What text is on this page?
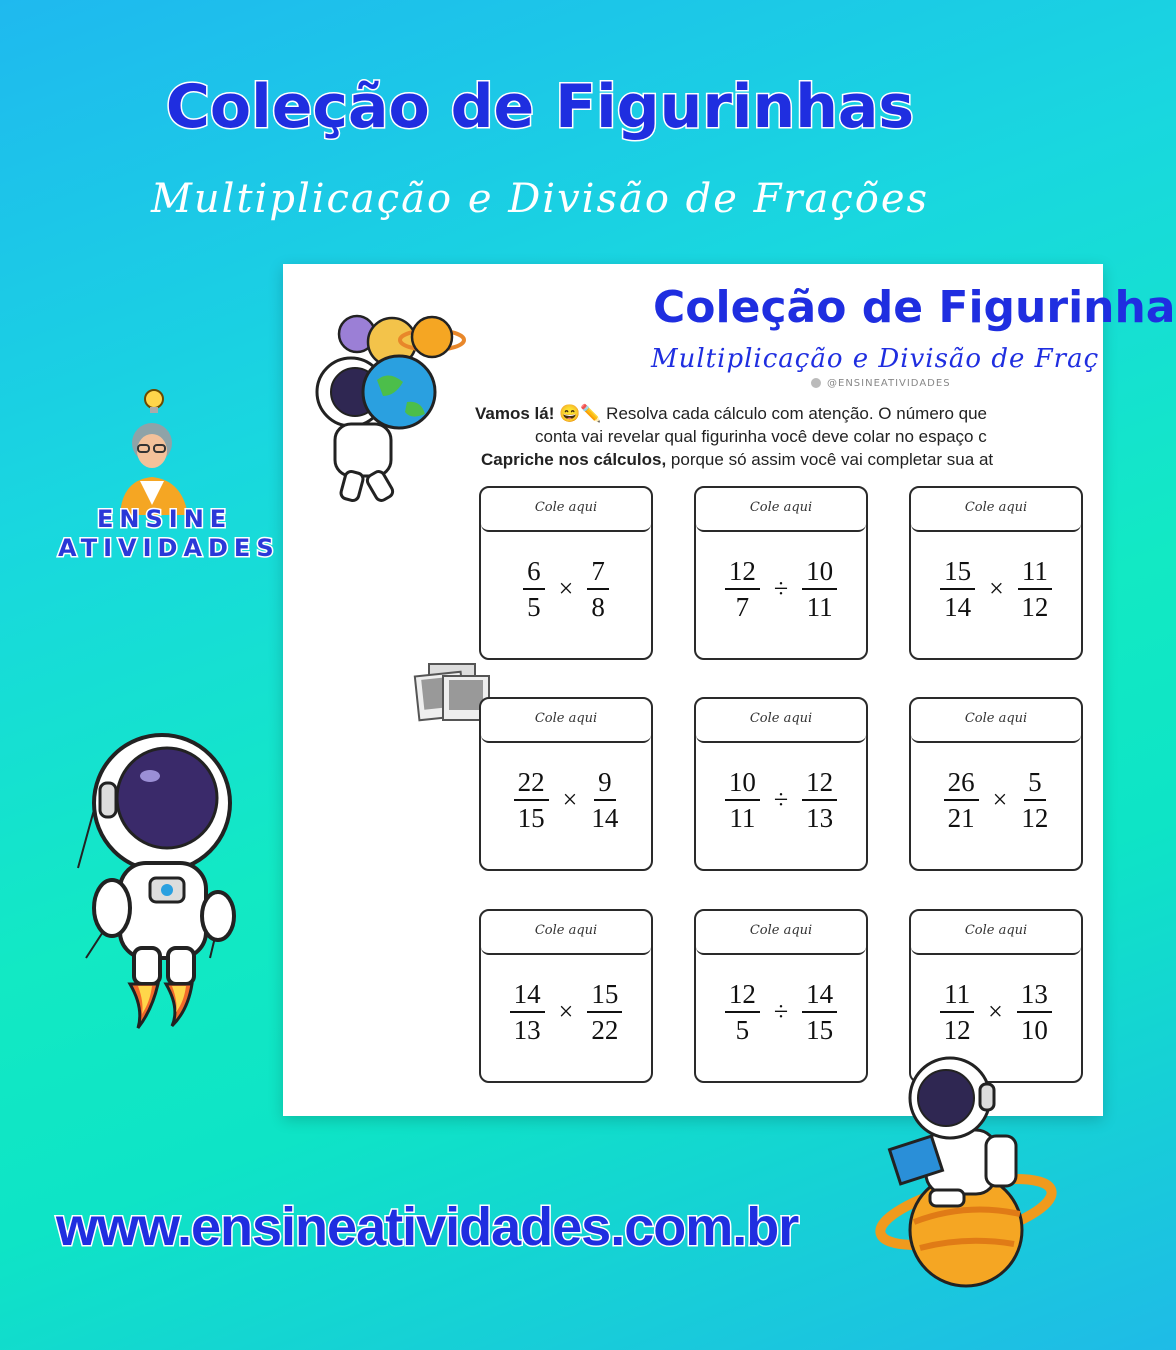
Coleção de Figurinhas
Multiplicação e Divisão de Frações
ENSINE
ATIVIDADES
Coleção de Figurinha
Multiplicação e Divisão de Fraç
@ENSINEATIVIDADES
Vamos lá! 😄✏️ Resolva cada cálculo com atenção. O número que
conta vai revelar qual figurinha você deve colar no espaço c
Capriche nos cálculos, porque só assim você vai completar sua at
Cole aqui
$\frac{6}{5} \times \frac{7}{8}$
Cole aqui
$\frac{12}{7} \div \frac{10}{11}$
Cole aqui
$\frac{15}{14} \times \frac{11}{12}$
Cole aqui
$\frac{22}{15} \times \frac{9}{14}$
Cole aqui
$\frac{10}{11} \div \frac{12}{13}$
Cole aqui
$\frac{26}{21} \times \frac{5}{12}$
Cole aqui
$\frac{14}{13} \times \frac{15}{22}$
Cole aqui
$\frac{12}{5} \div \frac{14}{15}$
Cole aqui
$\frac{11}{12} \times \frac{13}{10}$
www.ensineatividades.com.br
